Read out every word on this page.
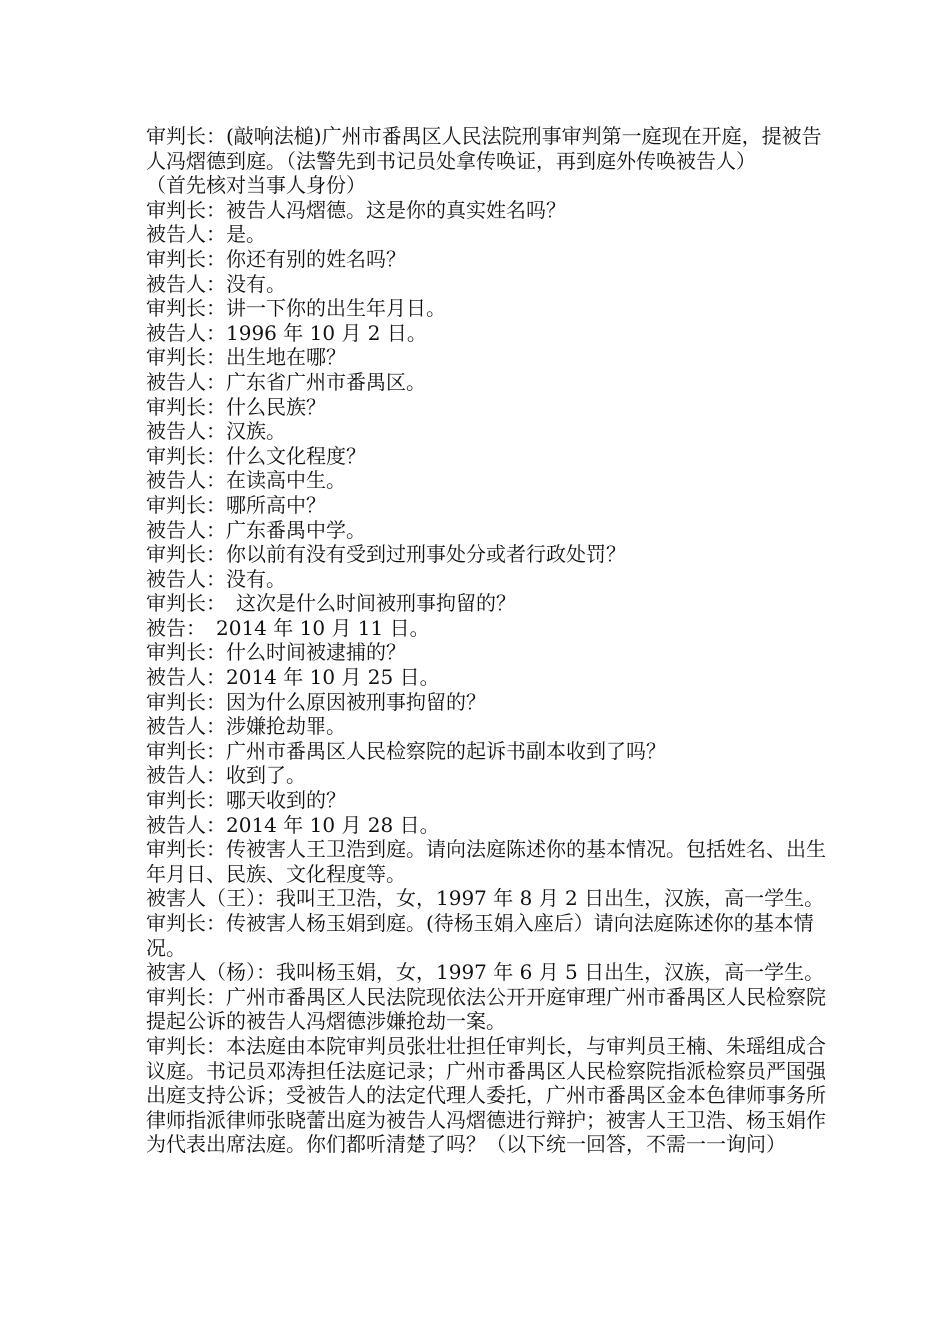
审判长：(敲响法槌)广州市番禺区人民法院刑事审判第一庭现在开庭，提被告人冯熠德到庭。（法警先到书记员处拿传唤证，再到庭外传唤被告人）

（首先核对当事人身份）

审判长：被告人冯熠德。这是你的真实姓名吗？

被告人：是。

审判长：你还有别的姓名吗？

被告人：没有。

审判长：讲一下你的出生年月日。

被告人：1996 年 10 月 2 日。

审判长：出生地在哪？

被告人：广东省广州市番禺区。

审判长：什么民族？

被告人：汉族。

审判长：什么文化程度？

被告人：在读高中生。

审判长：哪所高中？

被告人：广东番禺中学。

审判长：你以前有没有受到过刑事处分或者行政处罚？

被告人：没有。

审判长：　这次是什么时间被刑事拘留的？

被告：　2014 年 10 月 11 日。

审判长：什么时间被逮捕的？

被告人：2014 年 10 月 25 日。

审判长：因为什么原因被刑事拘留的？

被告人：涉嫌抢劫罪。

审判长：广州市番禺区人民检察院的起诉书副本收到了吗？

被告人：收到了。

审判长：哪天收到的？

被告人：2014 年 10 月 28 日。

审判长：传被害人王卫浩到庭。请向法庭陈述你的基本情况。包括姓名、出生年月日、民族、文化程度等。

被害人（王）：我叫王卫浩，女，1997 年 8 月 2 日出生，汉族，高一学生。

审判长：传被害人杨玉娟到庭。(待杨玉娟入座后）请向法庭陈述你的基本情况。

被害人（杨）：我叫杨玉娟，女，1997 年 6 月 5 日出生，汉族，高一学生。

审判长：广州市番禺区人民法院现依法公开开庭审理广州市番禺区人民检察院提起公诉的被告人冯熠德涉嫌抢劫一案。

审判长：本法庭由本院审判员张壮壮担任审判长，与审判员王楠、朱瑶组成合议庭。书记员邓涛担任法庭记录；广州市番禺区人民检察院指派检察员严国强出庭支持公诉；受被告人的法定代理人委托，广州市番禺区金本色律师事务所律师指派律师张晓蕾出庭为被告人冯熠德进行辩护；被害人王卫浩、杨玉娟作为代表出席法庭。你们都听清楚了吗？（以下统一回答，不需一一询问）
